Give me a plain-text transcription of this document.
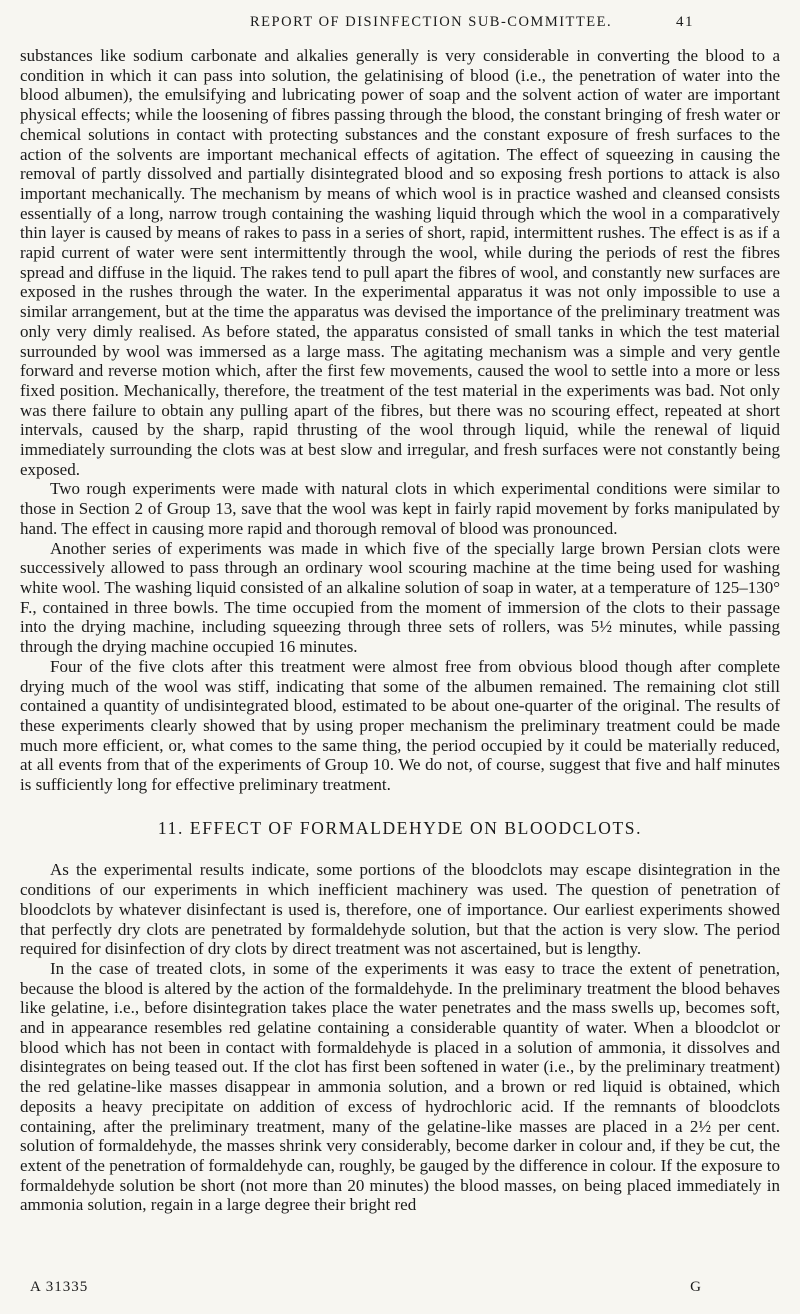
REPORT OF DISINFECTION SUB-COMMITTEE.	41

substances like sodium carbonate and alkalies generally is very considerable in converting the blood to a condition in which it can pass into solution, the gelatinising of blood (i.e., the penetration of water into the blood albumen), the emulsifying and lubricating power of soap and the solvent action of water are important physical effects; while the loosening of fibres passing through the blood, the constant bringing of fresh water or chemical solutions in contact with protecting substances and the constant exposure of fresh surfaces to the action of the solvents are important mechanical effects of agitation. The effect of squeezing in causing the removal of partly dissolved and partially disintegrated blood and so exposing fresh portions to attack is also important mechanically. The mechanism by means of which wool is in practice washed and cleansed consists essentially of a long, narrow trough containing the washing liquid through which the wool in a comparatively thin layer is caused by means of rakes to pass in a series of short, rapid, intermittent rushes. The effect is as if a rapid current of water were sent intermittently through the wool, while during the periods of rest the fibres spread and diffuse in the liquid. The rakes tend to pull apart the fibres of wool, and constantly new surfaces are exposed in the rushes through the water. In the experimental apparatus it was not only impossible to use a similar arrangement, but at the time the apparatus was devised the importance of the preliminary treatment was only very dimly realised. As before stated, the apparatus consisted of small tanks in which the test material surrounded by wool was immersed as a large mass. The agitating mechanism was a simple and very gentle forward and reverse motion which, after the first few movements, caused the wool to settle into a more or less fixed position. Mechanically, therefore, the treatment of the test material in the experiments was bad. Not only was there failure to obtain any pulling apart of the fibres, but there was no scouring effect, repeated at short intervals, caused by the sharp, rapid thrusting of the wool through liquid, while the renewal of liquid immediately surrounding the clots was at best slow and irregular, and fresh surfaces were not constantly being exposed.

Two rough experiments were made with natural clots in which experimental conditions were similar to those in Section 2 of Group 13, save that the wool was kept in fairly rapid movement by forks manipulated by hand. The effect in causing more rapid and thorough removal of blood was pronounced.

Another series of experiments was made in which five of the specially large brown Persian clots were successively allowed to pass through an ordinary wool scouring machine at the time being used for washing white wool. The washing liquid consisted of an alkaline solution of soap in water, at a temperature of 125–130° F., contained in three bowls. The time occupied from the moment of immersion of the clots to their passage into the drying machine, including squeezing through three sets of rollers, was 5½ minutes, while passing through the drying machine occupied 16 minutes.

Four of the five clots after this treatment were almost free from obvious blood though after complete drying much of the wool was stiff, indicating that some of the albumen remained. The remaining clot still contained a quantity of undisintegrated blood, estimated to be about one-quarter of the original. The results of these experiments clearly showed that by using proper mechanism the preliminary treatment could be made much more efficient, or, what comes to the same thing, the period occupied by it could be materially reduced, at all events from that of the experiments of Group 10. We do not, of course, suggest that five and half minutes is sufficiently long for effective preliminary treatment.

11. EFFECT OF FORMALDEHYDE ON BLOODCLOTS.

As the experimental results indicate, some portions of the bloodclots may escape disintegration in the conditions of our experiments in which inefficient machinery was used. The question of penetration of bloodclots by whatever disinfectant is used is, therefore, one of importance. Our earliest experiments showed that perfectly dry clots are penetrated by formaldehyde solution, but that the action is very slow. The period required for disinfection of dry clots by direct treatment was not ascertained, but is lengthy.

In the case of treated clots, in some of the experiments it was easy to trace the extent of penetration, because the blood is altered by the action of the formaldehyde. In the preliminary treatment the blood behaves like gelatine, i.e., before disintegration takes place the water penetrates and the mass swells up, becomes soft, and in appearance resembles red gelatine containing a considerable quantity of water. When a bloodclot or blood which has not been in contact with formaldehyde is placed in a solution of ammonia, it dissolves and disintegrates on being teased out. If the clot has first been softened in water (i.e., by the preliminary treatment) the red gelatine-like masses disappear in ammonia solution, and a brown or red liquid is obtained, which deposits a heavy precipitate on addition of excess of hydrochloric acid. If the remnants of bloodclots containing, after the preliminary treatment, many of the gelatine-like masses are placed in a 2½ per cent. solution of formaldehyde, the masses shrink very considerably, become darker in colour and, if they be cut, the extent of the penetration of formaldehyde can, roughly, be gauged by the difference in colour. If the exposure to formaldehyde solution be short (not more than 20 minutes) the blood masses, on being placed immediately in ammonia solution, regain in a large degree their bright red

A 31335	G
